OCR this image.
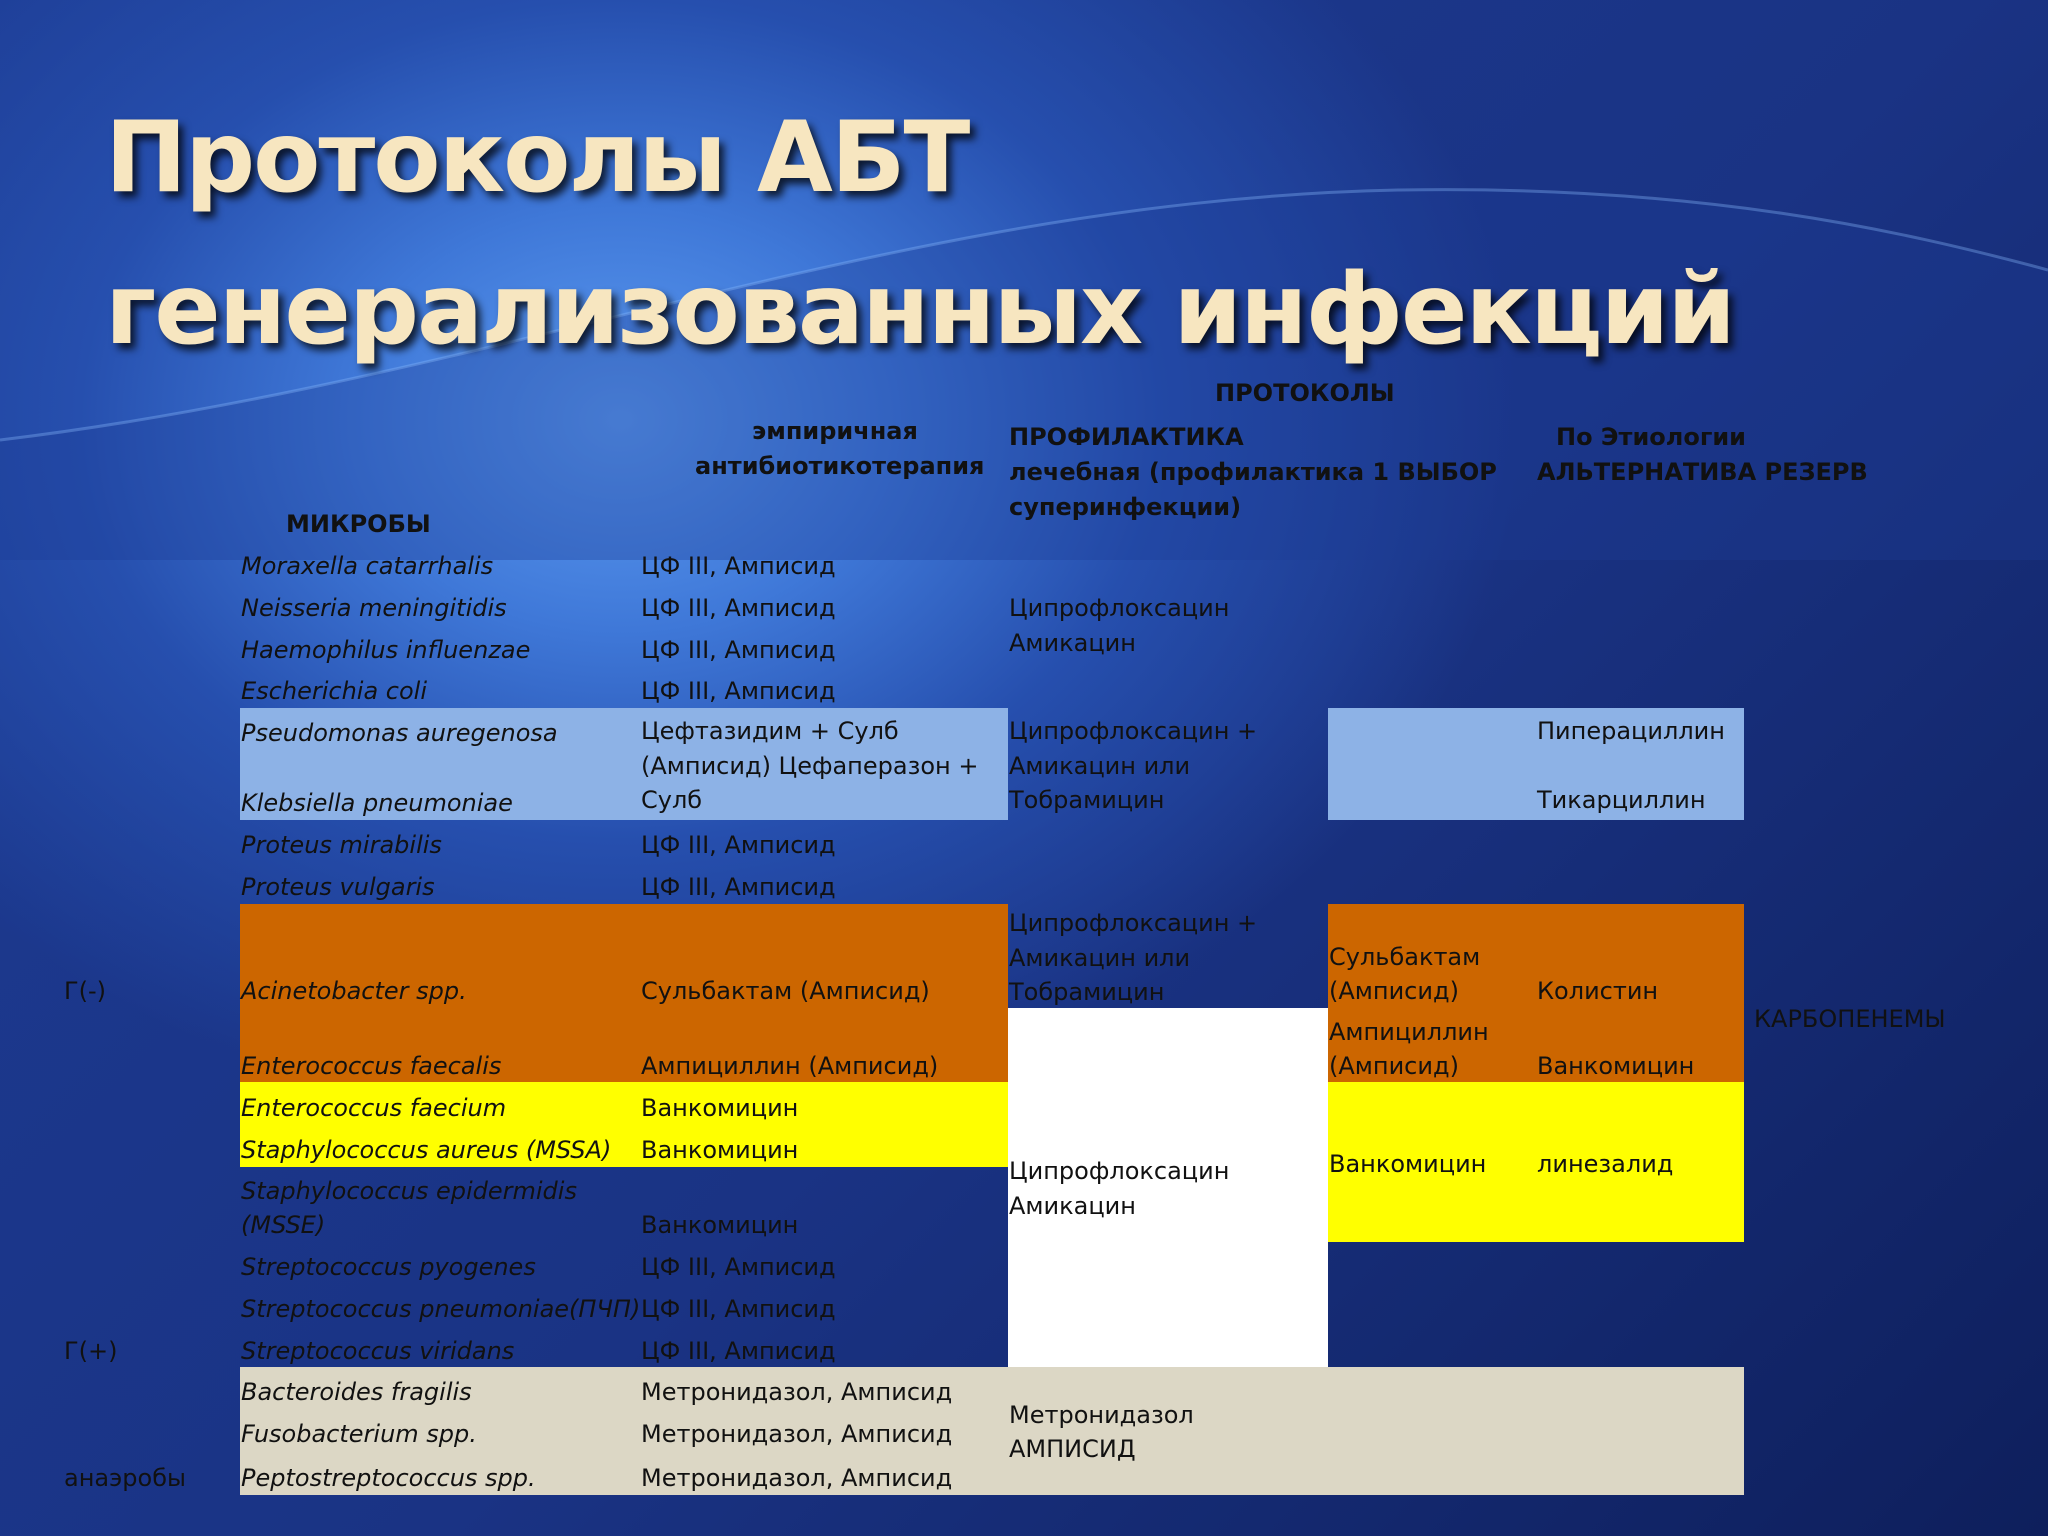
Протоколы АБТ
генерализованных инфекций
ПРОТОКОЛЫ
эмпиричная
антибиотикотерапия
ПРОФИЛАКТИКА
лечебная (профилактика 1 ВЫБОР
суперинфекции)
По Этиологии
АЛЬТЕРНАТИВА РЕЗЕРВ
МИКРОБЫ
Г(-)
Г(+)
анаэробы
КАРБОПЕНЕМЫ
Moraxella catarrhalis
Neisseria meningitidis
Haemophilus influenzae
Escherichia coli
Pseudomonas auregenosa
Klebsiella pneumoniae
Proteus mirabilis
Proteus vulgaris
Acinetobacter spp.
Enterococcus faecalis
Enterococcus faecium
Staphylococcus aureus (MSSA)
Staphylococcus epidermidis
(MSSE)
Streptococcus pyogenes
Streptococcus pneumoniae(ПЧП)
Streptococcus viridans
Bacteroides fragilis
Fusobacterium spp.
Peptostreptococcus spp.
ЦФ III, Амписид
ЦФ III, Амписид
ЦФ III, Амписид
ЦФ III, Амписид
Цефтазидим + Сулб
(Амписид) Цефаперазон +
Сулб
ЦФ III, Амписид
ЦФ III, Амписид
Сульбактам (Амписид)
Ампициллин (Амписид)
Ванкомицин
Ванкомицин
Ванкомицин
ЦФ III, Амписид
ЦФ III, Амписид
ЦФ III, Амписид
Метронидазол, Амписид
Метронидазол, Амписид
Метронидазол, Амписид
Ципрофлоксацин
Амикацин
Ципрофлоксацин +
Амикацин или
Тобрамицин
Ципрофлоксацин +
Амикацин или
Тобрамицин
Ципрофлоксацин
Амикацин
Метронидазол
АМПИСИД
Сульбактам
(Амписид)
Ампициллин
(Амписид)
Ванкомицин
Пиперациллин
Тикарциллин
Колистин
Ванкомицин
линезалид
